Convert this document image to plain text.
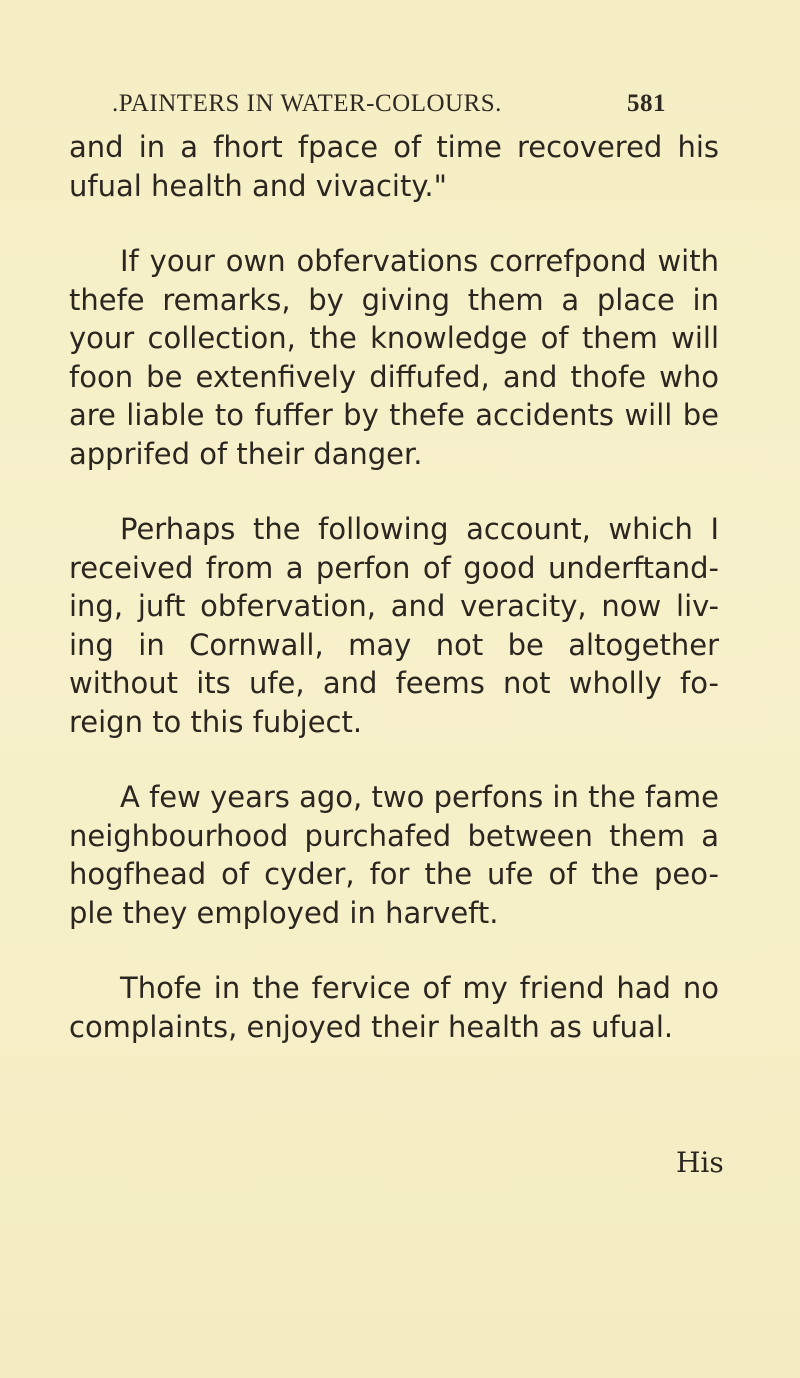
.PAINTERS IN WATER-COLOURS.	581
and in a fhort fpace of time recovered his
ufual health and vivacity."
If your own obfervations correfpond with
thefe remarks, by giving them a place in
your collection, the knowledge of them will
foon be extenfively diffufed, and thofe who
are liable to fuffer by thefe accidents will be
apprifed of their danger.
Perhaps the following account, which I
received from a perfon of good underftand-
ing, juft obfervation, and veracity, now liv-
ing in Cornwall, may not be altogether
without its ufe, and feems not wholly fo-
reign to this fubject.
A few years ago, two perfons in the fame
neighbourhood purchafed between them a
hogfhead of cyder, for the ufe of the peo-
ple they employed in harveft.
Thofe in the fervice of my friend had no
complaints, enjoyed their health as ufual.
His
